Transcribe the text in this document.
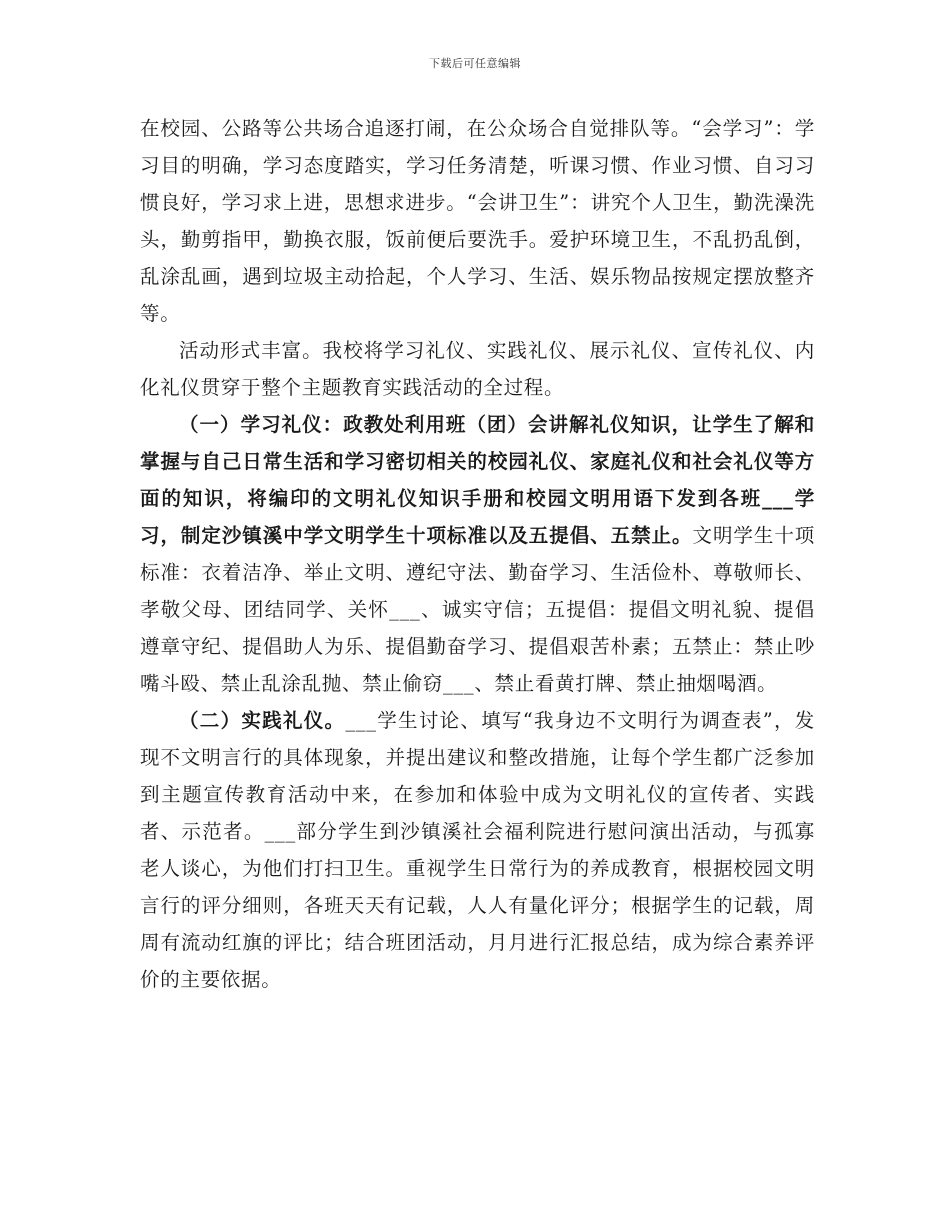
下载后可任意编辑

在校园、公路等公共场合追逐打闹，在公众场合自觉排队等。“会学习”：学习目的明确，学习态度踏实，学习任务清楚，听课习惯、作业习惯、自习习惯良好，学习求上进，思想求进步。“会讲卫生”：讲究个人卫生，勤洗澡洗头，勤剪指甲，勤换衣服，饭前便后要洗手。爱护环境卫生，不乱扔乱倒，乱涂乱画，遇到垃圾主动拾起，个人学习、生活、娱乐物品按规定摆放整齐等。

活动形式丰富。我校将学习礼仪、实践礼仪、展示礼仪、宣传礼仪、内化礼仪贯穿于整个主题教育实践活动的全过程。

（一）学习礼仪：政教处利用班（团）会讲解礼仪知识，让学生了解和掌握与自己日常生活和学习密切相关的校园礼仪、家庭礼仪和社会礼仪等方面的知识，将编印的文明礼仪知识手册和校园文明用语下发到各班___学习，制定沙镇溪中学文明学生十项标准以及五提倡、五禁止。文明学生十项标准：衣着洁净、举止文明、遵纪守法、勤奋学习、生活俭朴、尊敬师长、孝敬父母、团结同学、关怀___、诚实守信；五提倡：提倡文明礼貌、提倡遵章守纪、提倡助人为乐、提倡勤奋学习、提倡艰苦朴素；五禁止：禁止吵嘴斗殴、禁止乱涂乱抛、禁止偷窃___、禁止看黄打牌、禁止抽烟喝酒。

（二）实践礼仪。___学生讨论、填写“我身边不文明行为调查表”，发现不文明言行的具体现象，并提出建议和整改措施，让每个学生都广泛参加到主题宣传教育活动中来，在参加和体验中成为文明礼仪的宣传者、实践者、示范者。___部分学生到沙镇溪社会福利院进行慰问演出活动，与孤寡老人谈心，为他们打扫卫生。重视学生日常行为的养成教育，根据校园文明言行的评分细则，各班天天有记载，人人有量化评分；根据学生的记载，周周有流动红旗的评比；结合班团活动，月月进行汇报总结，成为综合素养评价的主要依据。
